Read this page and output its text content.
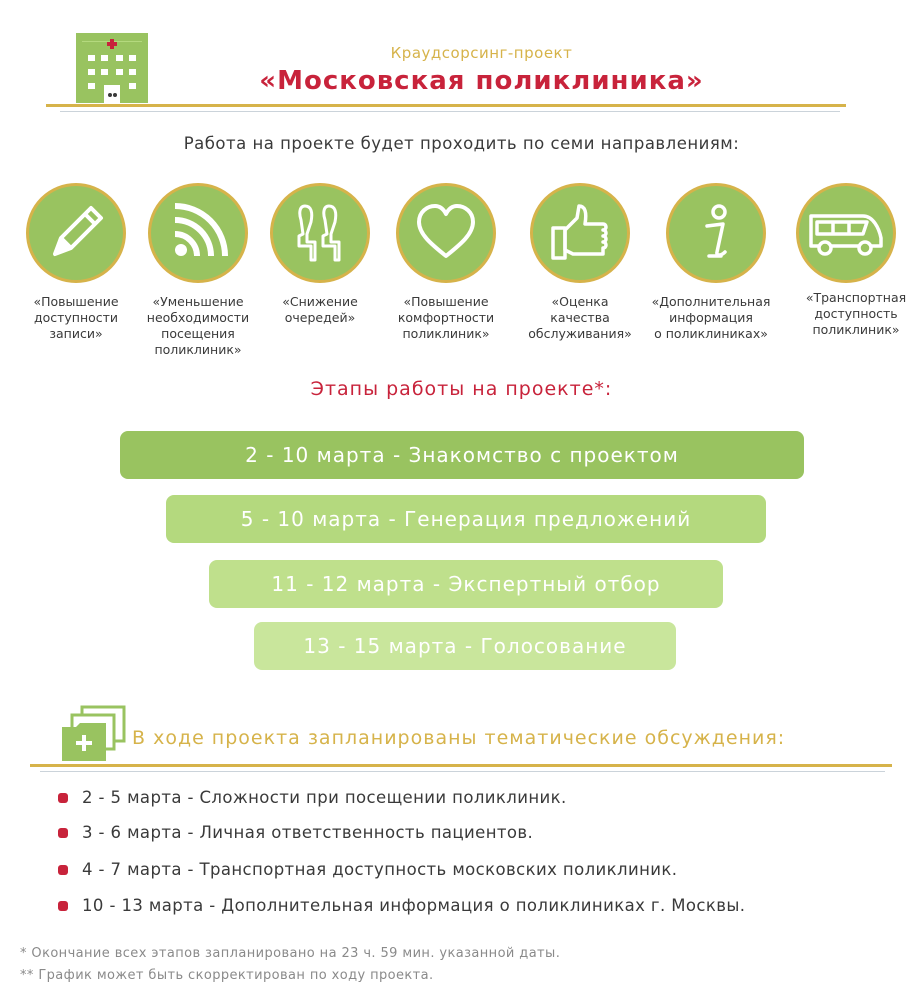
Краудсорсинг-проект
«Московская поликлиника»
Работа на проекте будет проходить по семи направлениям:
«Повышение
доступности
записи»
«Уменьшение
необходимости
посещения
поликлиник»
«Снижение
очередей»
«Повышение
комфортности
поликлиник»
«Оценка
качества
обслуживания»
«Дополнительная
информация
о поликлиниках»
«Транспортная
доступность
поликлиник»
Этапы работы на проекте*:
2 - 10 марта - Знакомство с проектом
5 - 10 марта - Генерация предложений
11 - 12 марта - Экспертный отбор
13 - 15 марта - Голосование
В ходе проекта запланированы тематические обсуждения:
2 - 5 марта - Сложности при посещении поликлиник.
3 - 6 марта - Личная ответственность пациентов.
4 - 7 марта - Транспортная доступность московских поликлиник.
10 - 13 марта - Дополнительная информация о поликлиниках г. Москвы.
* Окончание всех этапов запланировано на 23 ч. 59 мин. указанной даты.
** График может быть скорректирован по ходу проекта.
